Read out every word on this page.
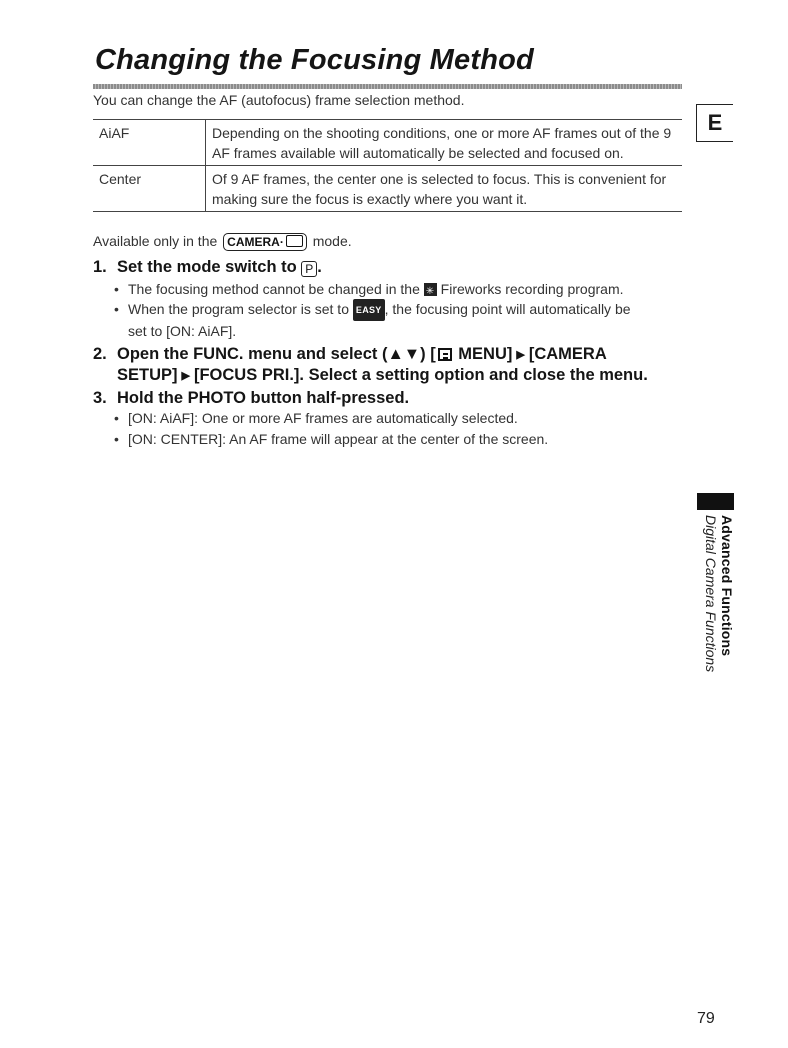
Changing the Focusing Method
You can change the AF (autofocus) frame selection method.
E
AiAF	Depending on the shooting conditions, one or more AF frames out of the 9 AF frames available will automatically be selected and focused on.
Center	Of 9 AF frames, the center one is selected to focus. This is convenient for making sure the focus is exactly where you want it.
Available only in the CAMERA· mode.
1. Set the mode switch to P .
• The focusing method cannot be changed in the ✳ Fireworks recording program.
• When the program selector is set to EASY , the focusing point will automatically be
set to [ON: AiAF].
2. Open the FUNC. menu and select (▲▼) [ MENU] ▶ [CAMERA
SETUP] ▶ [FOCUS PRI.]. Select a setting option and close the menu.
3. Hold the PHOTO button half-pressed.
• [ON: AiAF]: One or more AF frames are automatically selected.
• [ON: CENTER]: An AF frame will appear at the center of the screen.
Advanced Functions
Digital Camera Functions
79
